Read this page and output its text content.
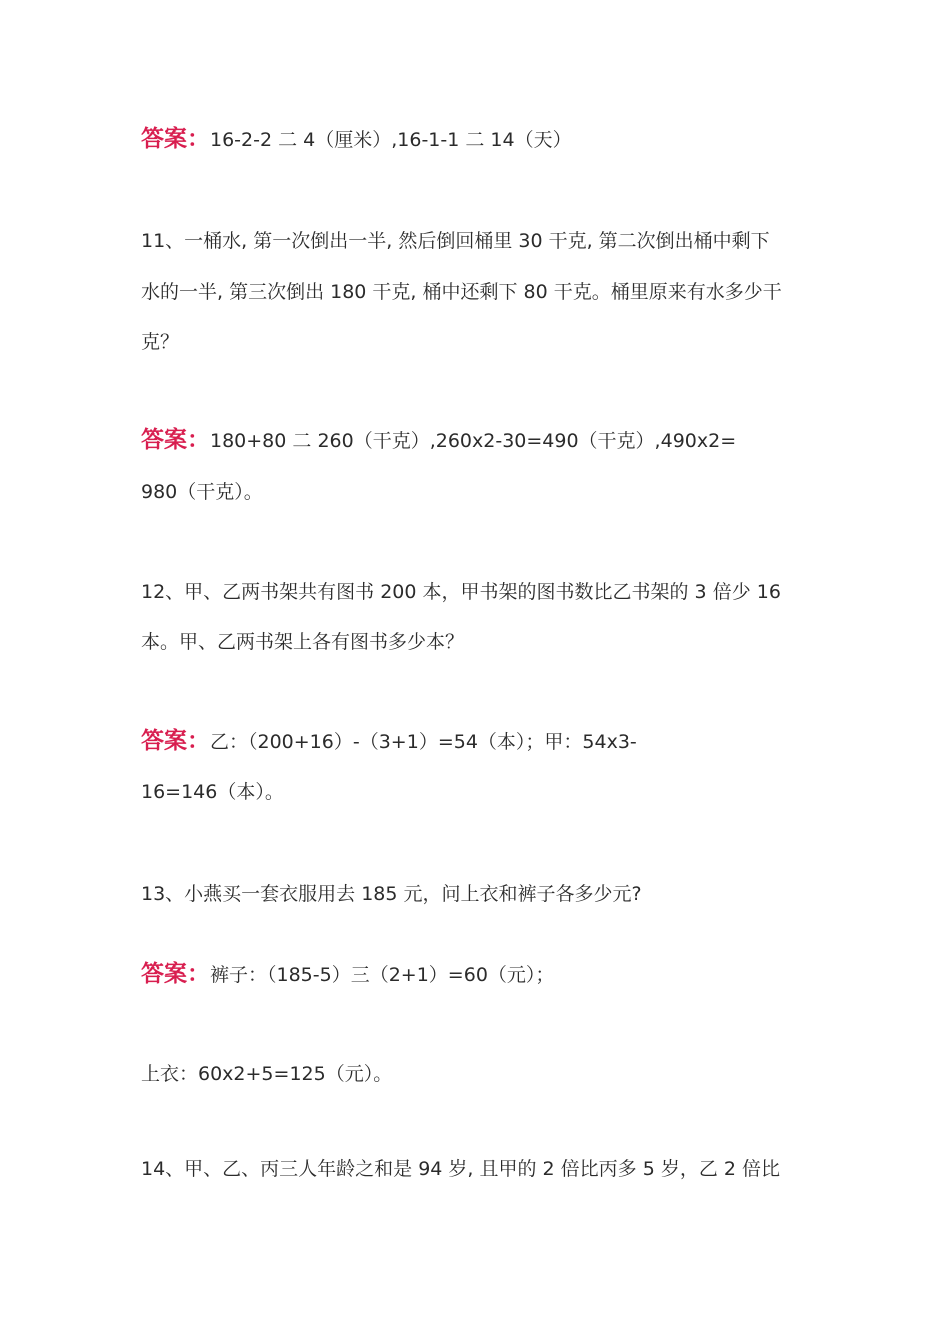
答案：16-2-2 二 4（厘米）,16-1-1 二 14（天）
11、一桶水, 第一次倒出一半, 然后倒回桶里 30 干克, 第二次倒出桶中剩下
水的一半, 第三次倒出 180 干克, 桶中还剩下 80 干克。桶里原来有水多少干
克？
答案：180+80 二 260（干克）,260x2-30=490（干克）,490x2=
980（干克）。
12、甲、乙两书架共有图书 200 本，甲书架的图书数比乙书架的 3 倍少 16
本。甲、乙两书架上各有图书多少本？
答案：乙：（200+16）-（3+1）=54（本）；甲：54x3-
16=146（本）。
13、小燕买一套衣服用去 185 元，问上衣和裤子各多少元?
答案：裤子：（185-5）三（2+1）=60（元）；
上衣：60x2+5=125（元）。
14、甲、乙、丙三人年龄之和是 94 岁, 且甲的 2 倍比丙多 5 岁，乙 2 倍比
